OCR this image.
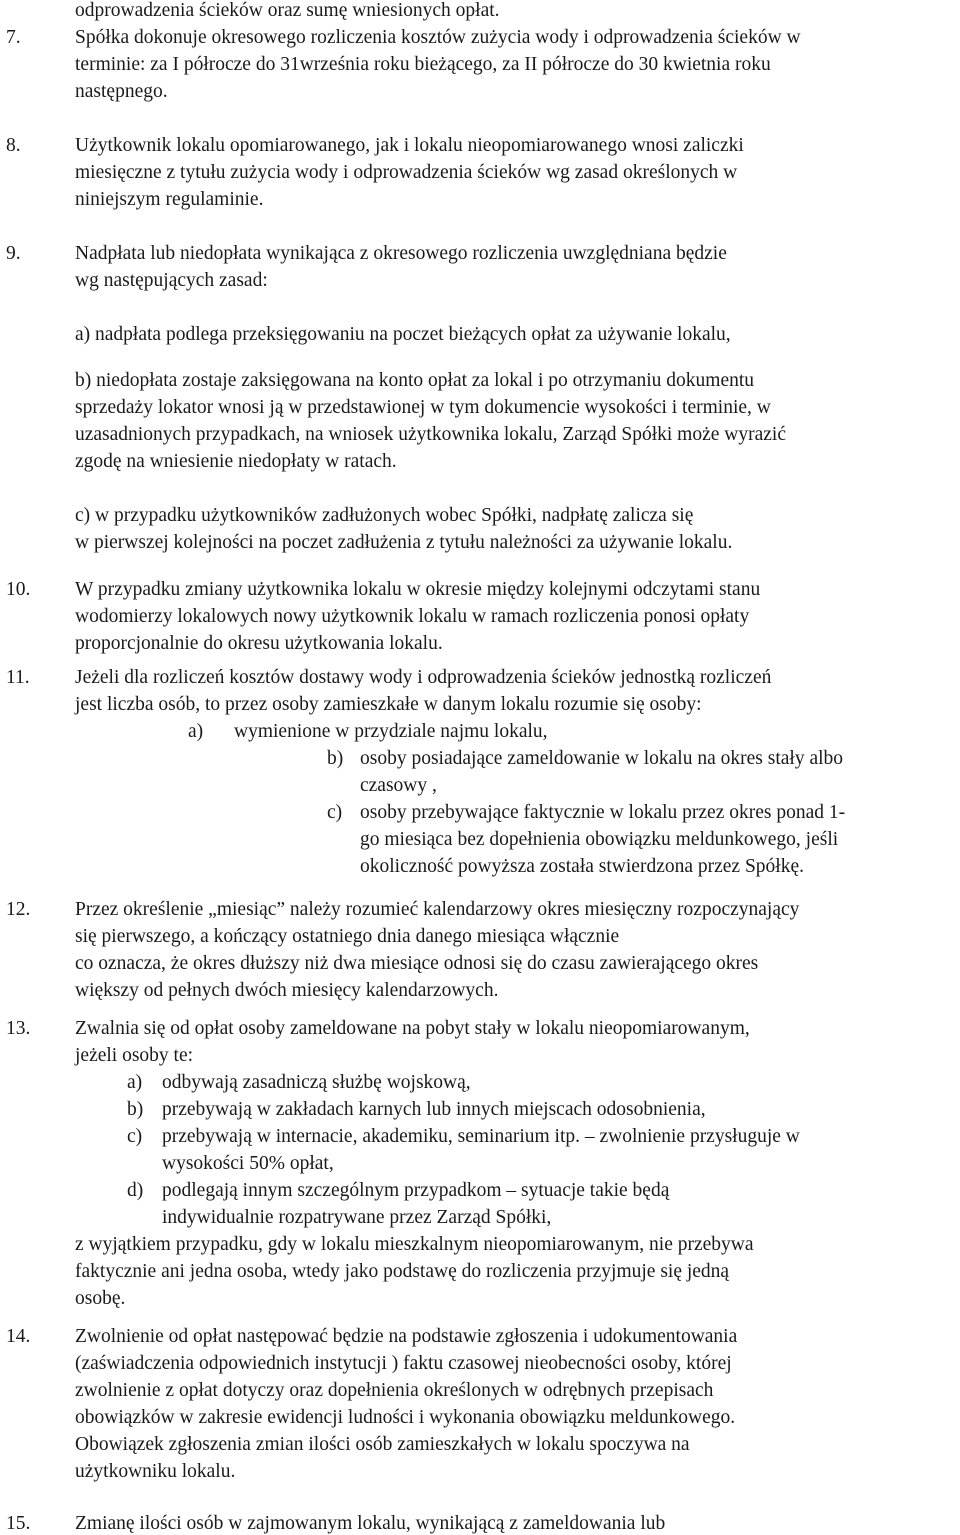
odprowadzenia ścieków oraz sumę wniesionych opłat.
7.	Spółka dokonuje okresowego rozliczenia kosztów zużycia wody i odprowadzenia ścieków w
terminie: za I półrocze do 31września roku bieżącego, za II półrocze do 30 kwietnia roku
następnego.
8.	Użytkownik lokalu opomiarowanego, jak i lokalu nieopomiarowanego wnosi zaliczki
miesięczne z tytułu zużycia wody i odprowadzenia ścieków wg zasad określonych w
niniejszym regulaminie.
9.	Nadpłata lub niedopłata wynikająca z okresowego rozliczenia uwzględniana będzie
wg następujących zasad:
a) nadpłata podlega przeksięgowaniu na poczet bieżących opłat za używanie lokalu,
b) niedopłata zostaje zaksięgowana na konto opłat za lokal i po otrzymaniu dokumentu
sprzedaży lokator wnosi ją w przedstawionej w tym dokumencie wysokości i terminie, w
uzasadnionych przypadkach, na wniosek użytkownika lokalu, Zarząd Spółki może wyrazić
zgodę na wniesienie niedopłaty w ratach.
c) w przypadku użytkowników zadłużonych wobec Spółki, nadpłatę zalicza się
w pierwszej kolejności na poczet zadłużenia z tytułu należności za używanie lokalu.
10. W przypadku zmiany użytkownika lokalu w okresie między kolejnymi odczytami stanu
wodomierzy lokalowych nowy użytkownik lokalu w ramach rozliczenia ponosi opłaty
proporcjonalnie do okresu użytkowania lokalu.
11. Jeżeli dla rozliczeń kosztów dostawy wody i odprowadzenia ścieków jednostką rozliczeń
jest liczba osób, to przez osoby zamieszkałe w danym lokalu rozumie się osoby:
a) wymienione w przydziale najmu lokalu,
b) osoby posiadające zameldowanie w lokalu na okres stały albo
czasowy ,
c) osoby przebywające faktycznie w lokalu przez okres ponad 1-
go miesiąca bez dopełnienia obowiązku meldunkowego, jeśli
okoliczność powyższa została stwierdzona przez Spółkę.
12. Przez określenie „miesiąc” należy rozumieć kalendarzowy okres miesięczny rozpoczynający
się pierwszego, a kończący ostatniego dnia danego miesiąca włącznie
co oznacza, że okres dłuższy niż dwa miesiące odnosi się do czasu zawierającego okres
większy od pełnych dwóch miesięcy kalendarzowych.
13. Zwalnia się od opłat osoby zameldowane na pobyt stały w lokalu nieopomiarowanym,
jeżeli osoby te:
a) odbywają zasadniczą służbę wojskową,
b) przebywają w zakładach karnych lub innych miejscach odosobnienia,
c) przebywają w internacie, akademiku, seminarium itp. – zwolnienie przysługuje w
wysokości 50% opłat,
d) podlegają innym szczególnym przypadkom – sytuacje takie będą
indywidualnie rozpatrywane przez Zarząd Spółki,
z wyjątkiem przypadku, gdy w lokalu mieszkalnym nieopomiarowanym, nie przebywa
faktycznie ani jedna osoba, wtedy jako podstawę do rozliczenia przyjmuje się jedną
osobę.
14. Zwolnienie od opłat następować będzie na podstawie zgłoszenia i udokumentowania
(zaświadczenia odpowiednich instytucji ) faktu czasowej nieobecności osoby, której
zwolnienie z opłat dotyczy oraz dopełnienia określonych w odrębnych przepisach
obowiązków w zakresie ewidencji ludności i wykonania obowiązku meldunkowego.
Obowiązek zgłoszenia zmian ilości osób zamieszkałych w lokalu spoczywa na
użytkowniku lokalu.
15. Zmianę ilości osób w zajmowanym lokalu, wynikającą z zameldowania lub
